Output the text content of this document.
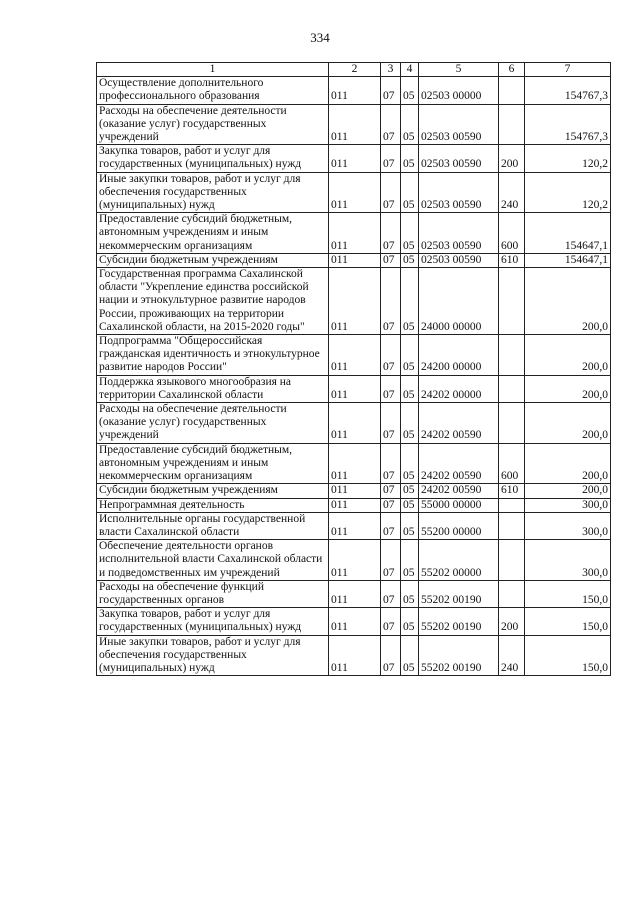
334
1	2	3	4	5	6	7
Осуществление дополнительного профессионального образования	011	07	05	02503 00000		154767,3
Расходы на обеспечение деятельности (оказание услуг) государственных учреждений	011	07	05	02503 00590		154767,3
Закупка товаров, работ и услуг для государственных (муниципальных) нужд	011	07	05	02503 00590	200	120,2
Иные закупки товаров, работ и услуг для обеспечения государственных (муниципальных) нужд	011	07	05	02503 00590	240	120,2
Предоставление субсидий бюджетным, автономным учреждениям и иным некоммерческим организациям	011	07	05	02503 00590	600	154647,1
Субсидии бюджетным учреждениям	011	07	05	02503 00590	610	154647,1
Государственная программа Сахалинской области "Укрепление единства российской нации и этнокультурное развитие народов России, проживающих на территории Сахалинской области, на 2015-2020 годы"	011	07	05	24000 00000		200,0
Подпрограмма "Общероссийская гражданская идентичность и этнокультурное развитие народов России"	011	07	05	24200 00000		200,0
Поддержка языкового многообразия на территории Сахалинской области	011	07	05	24202 00000		200,0
Расходы на обеспечение деятельности (оказание услуг) государственных учреждений	011	07	05	24202 00590		200,0
Предоставление субсидий бюджетным, автономным учреждениям и иным некоммерческим организациям	011	07	05	24202 00590	600	200,0
Субсидии бюджетным учреждениям	011	07	05	24202 00590	610	200,0
Непрограммная деятельность	011	07	05	55000 00000		300,0
Исполнительные органы государственной власти Сахалинской области	011	07	05	55200 00000		300,0
Обеспечение деятельности органов исполнительной власти Сахалинской области и подведомственных им учреждений	011	07	05	55202 00000		300,0
Расходы на обеспечение функций государственных органов	011	07	05	55202 00190		150,0
Закупка товаров, работ и услуг для государственных (муниципальных) нужд	011	07	05	55202 00190	200	150,0
Иные закупки товаров, работ и услуг для обеспечения государственных (муниципальных) нужд	011	07	05	55202 00190	240	150,0
